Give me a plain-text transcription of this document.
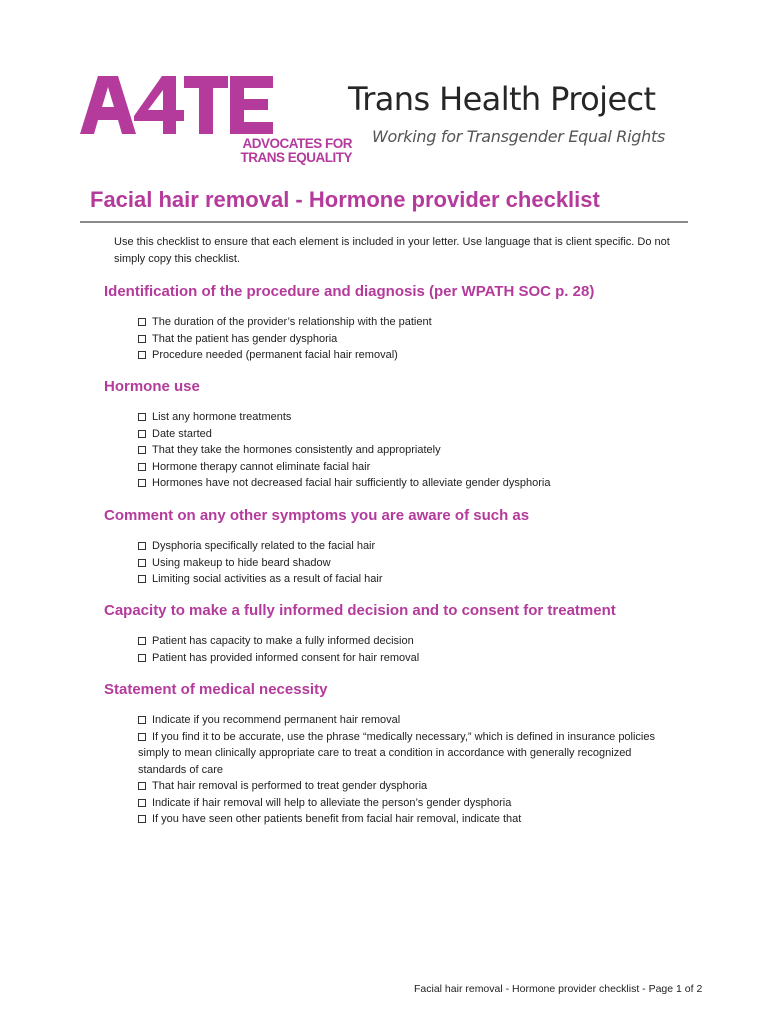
ADVOCATES FOR
TRANS EQUALITY
Trans Health Project
Working for Transgender Equal Rights
Facial hair removal - Hormone provider checklist

Use this checklist to ensure that each element is included in your letter. Use language that is client specific. Do not simply copy this checklist.

Identification of the procedure and diagnosis (per WPATH SOC p. 28)
The duration of the provider’s relationship with the patient
That the patient has gender dysphoria
Procedure needed (permanent facial hair removal)
Hormone use
List any hormone treatments
Date started
That they take the hormones consistently and appropriately
Hormone therapy cannot eliminate facial hair
Hormones have not decreased facial hair sufficiently to alleviate gender dysphoria
Comment on any other symptoms you are aware of such as
Dysphoria specifically related to the facial hair
Using makeup to hide beard shadow
Limiting social activities as a result of facial hair
Capacity to make a fully informed decision and to consent for treatment
Patient has capacity to make a fully informed decision
Patient has provided informed consent for hair removal
Statement of medical necessity
Indicate if you recommend permanent hair removal
If you find it to be accurate, use the phrase “medically necessary,” which is defined in insurance policies simply to mean clinically appropriate care to treat a condition in accordance with generally recognized standards of care
That hair removal is performed to treat gender dysphoria
Indicate if hair removal will help to alleviate the person’s gender dysphoria
If you have seen other patients benefit from facial hair removal, indicate that
Facial hair removal - Hormone provider checklist - Page 1 of 2
